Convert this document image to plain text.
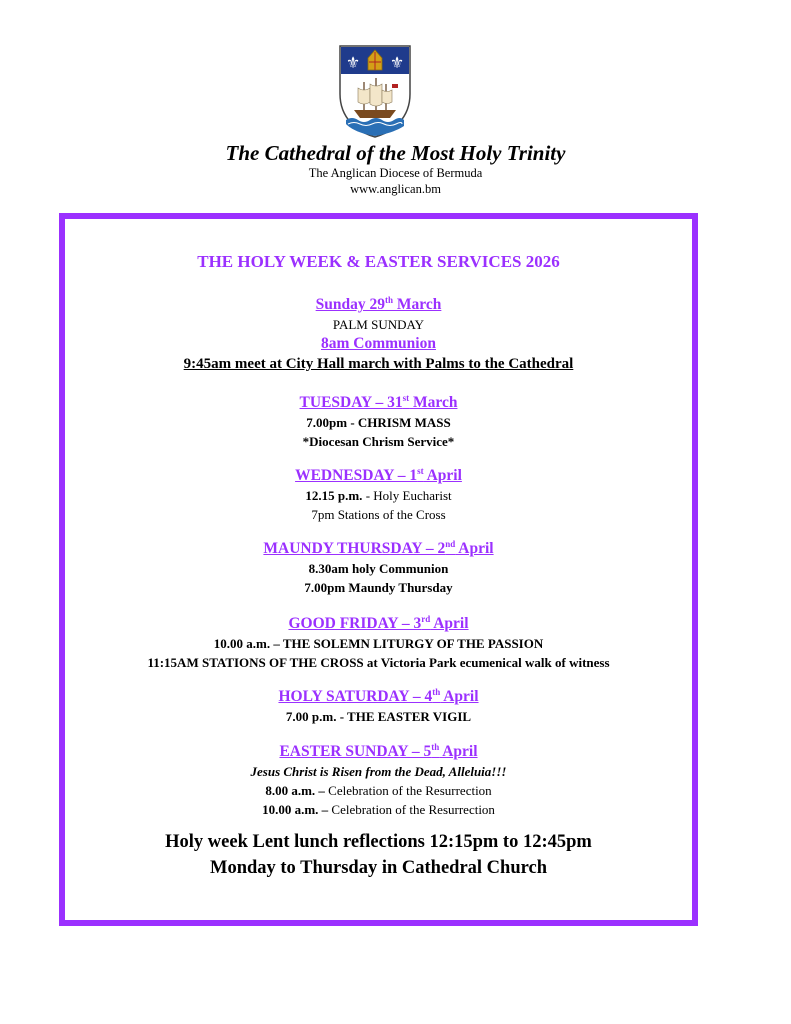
⚜ ⚜
The Cathedral of the Most Holy Trinity
The Anglican Diocese of Bermuda
www.anglican.bm
THE HOLY WEEK & EASTER SERVICES 2026
Sunday 29th March
PALM SUNDAY
8am Communion
9:45am meet at City Hall march with Palms to the Cathedral
TUESDAY – 31st March
7.00pm - CHRISM MASS
*Diocesan Chrism Service*
WEDNESDAY – 1st April
12.15 p.m. - Holy Eucharist
7pm Stations of the Cross
MAUNDY THURSDAY – 2nd April
8.30am holy Communion
7.00pm Maundy Thursday
GOOD FRIDAY – 3rd April
10.00 a.m. – THE SOLEMN LITURGY OF THE PASSION
11:15AM STATIONS OF THE CROSS at Victoria Park ecumenical walk of witness
HOLY SATURDAY – 4th April
7.00 p.m. - THE EASTER VIGIL
EASTER SUNDAY – 5th April
Jesus Christ is Risen from the Dead, Alleluia!!!
8.00 a.m. – Celebration of the Resurrection
10.00 a.m. – Celebration of the Resurrection
Holy week Lent lunch reflections 12:15pm to 12:45pm
Monday to Thursday in Cathedral Church
